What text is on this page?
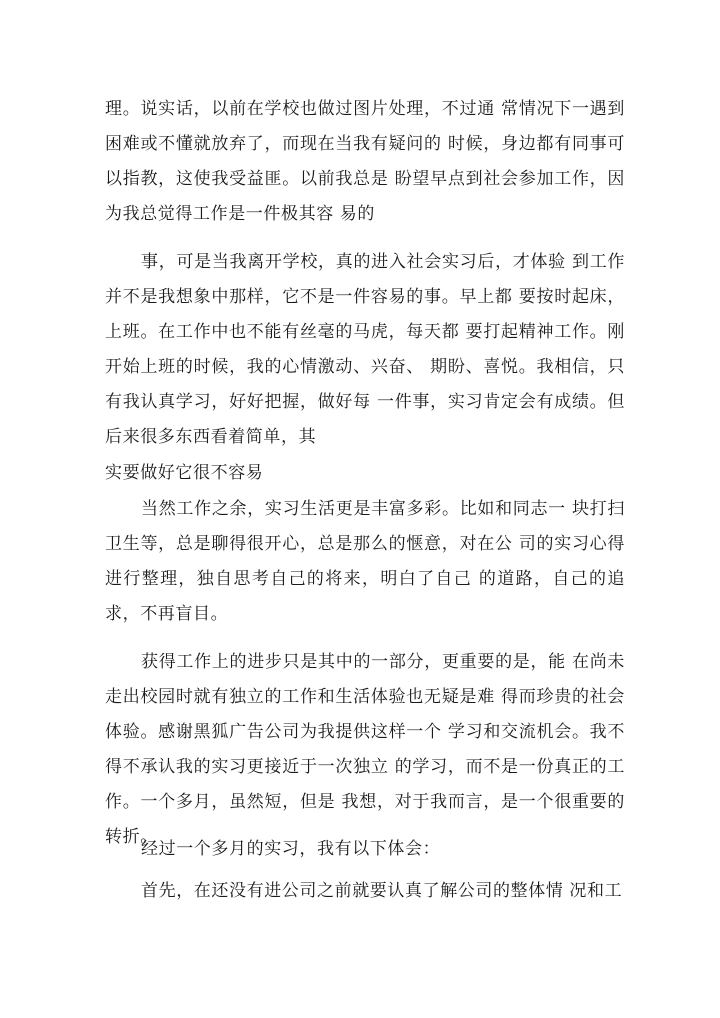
理。说实话，以前在学校也做过图片处理，不过通 常情况下一遇到困难或不懂就放弃了，而现在当我有疑问的 时候，身边都有同事可以指教，这使我受益匪。以前我总是 盼望早点到社会参加工作，因为我总觉得工作是一件极其容 易的

事，可是当我离开学校，真的进入社会实习后，才体验 到工作并不是我想象中那样，它不是一件容易的事。早上都 要按时起床，上班。在工作中也不能有丝毫的马虎，每天都 要打起精神工作。刚开始上班的时候，我的心情激动、兴奋、 期盼、喜悦。我相信，只有我认真学习，好好把握，做好每 一件事，实习肯定会有成绩。但后来很多东西看着简单，其

实要做好它很不容易

当然工作之余，实习生活更是丰富多彩。比如和同志一 块打扫卫生等，总是聊得很开心，总是那么的惬意，对在公 司的实习心得进行整理，独自思考自己的将来，明白了自己 的道路，自己的追求，不再盲目。

获得工作上的进步只是其中的一部分，更重要的是，能 在尚未走出校园时就有独立的工作和生活体验也无疑是难 得而珍贵的社会体验。感谢黑狐广告公司为我提供这样一个 学习和交流机会。我不得不承认我的实习更接近于一次独立 的学习，而不是一份真正的工作。一个多月，虽然短，但是 我想，对于我而言，是一个很重要的转折。

经过一个多月的实习，我有以下体会：

首先，在还没有进公司之前就要认真了解公司的整体情 况和工
